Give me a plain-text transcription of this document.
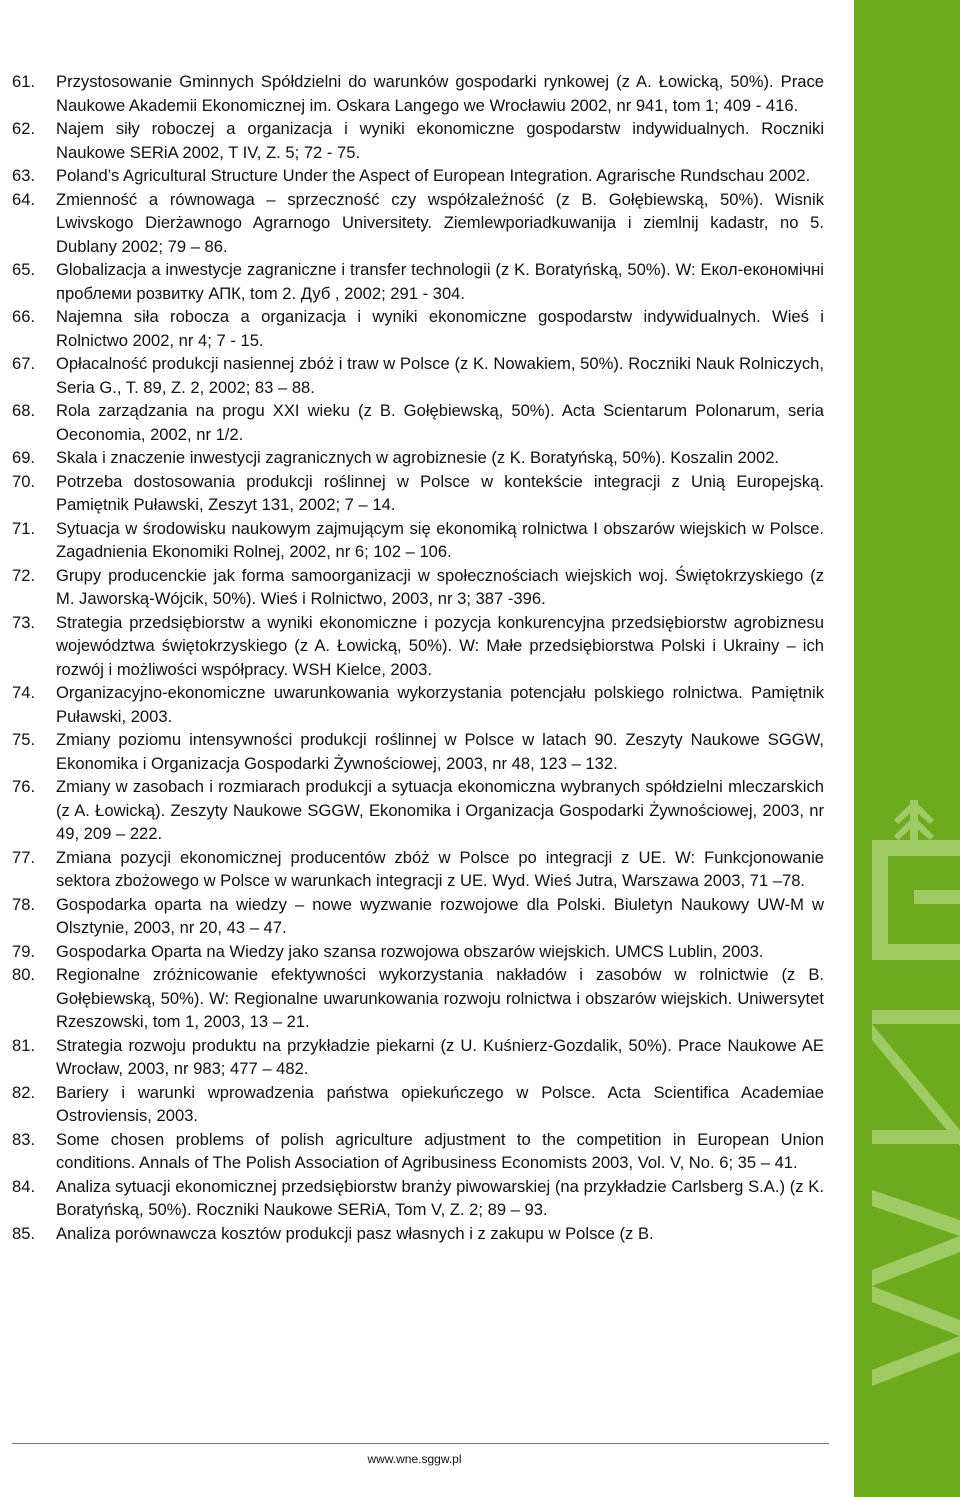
61. Przystosowanie Gminnych Spółdzielni do warunków gospodarki rynkowej (z A. Łowicką, 50%). Prace Naukowe Akademii Ekonomicznej im. Oskara Langego we Wrocławiu 2002, nr 941, tom 1; 409 - 416.

62. Najem siły roboczej a organizacja i wyniki ekonomiczne gospodarstw indywidualnych. Roczniki Naukowe SERiA 2002, T IV, Z. 5; 72 - 75.

63. Poland’s Agricultural Structure Under the Aspect of European Integration. Agrarische Rundschau 2002.

64. Zmienność a równowaga – sprzeczność czy współzależność (z B. Gołębiewską, 50%). Wisnik Lwivskogo Dierżawnogo Agrarnogo Universitety. Ziemlewporiadkuwanija i ziemlnij kadastr, no 5. Dublany 2002; 79 – 86.

65. Globalizacja a inwestycje zagraniczne i transfer technologii (z K. Boratyńską, 50%). W: Екол-економічні проблеми розвитку АПК, tom 2. Дуб , 2002; 291 - 304.

66. Najemna siła robocza a organizacja i wyniki ekonomiczne gospodarstw indywidualnych. Wieś i Rolnictwo 2002, nr 4; 7 - 15.

67. Opłacalność produkcji nasiennej zbóż i traw w Polsce (z K. Nowakiem, 50%). Roczniki Nauk Rolniczych, Seria G., T. 89, Z. 2, 2002; 83 – 88.

68. Rola zarządzania na progu XXI wieku (z B. Gołębiewską, 50%). Acta Scientarum Polonarum, seria Oeconomia, 2002, nr 1/2.

69. Skala i znaczenie inwestycji zagranicznych w agrobiznesie (z K. Boratyńską, 50%). Koszalin 2002.

70. Potrzeba dostosowania produkcji roślinnej w Polsce w kontekście integracji z Unią Europejską. Pamiętnik Puławski, Zeszyt 131, 2002; 7 – 14.

71. Sytuacja w środowisku naukowym zajmującym się ekonomiką rolnictwa I obszarów wiejskich w Polsce. Zagadnienia Ekonomiki Rolnej, 2002, nr 6; 102 – 106.

72. Grupy producenckie jak forma samoorganizacji w społecznościach wiejskich woj. Świętokrzyskiego (z M. Jaworską-Wójcik, 50%). Wieś i Rolnictwo, 2003, nr 3; 387 -396.

73. Strategia przedsiębiorstw a wyniki ekonomiczne i pozycja konkurencyjna przedsiębiorstw agrobiznesu województwa świętokrzyskiego (z A. Łowicką, 50%). W: Małe przedsiębiorstwa Polski i Ukrainy – ich rozwój i możliwości współpracy. WSH Kielce, 2003.

74. Organizacyjno-ekonomiczne uwarunkowania wykorzystania potencjału polskiego rolnictwa. Pamiętnik Puławski, 2003.

75. Zmiany poziomu intensywności produkcji roślinnej w Polsce w latach 90. Zeszyty Naukowe SGGW, Ekonomika i Organizacja Gospodarki Żywnościowej, 2003, nr 48, 123 – 132.

76. Zmiany w zasobach i rozmiarach produkcji a sytuacja ekonomiczna wybranych spółdzielni mleczarskich (z A. Łowicką). Zeszyty Naukowe SGGW, Ekonomika i Organizacja Gospodarki Żywnościowej, 2003, nr 49, 209 – 222.

77. Zmiana pozycji ekonomicznej producentów zbóż w Polsce po integracji z UE. W: Funkcjonowanie sektora zbożowego w Polsce w warunkach integracji z UE. Wyd. Wieś Jutra, Warszawa 2003, 71 –78.

78. Gospodarka oparta na wiedzy – nowe wyzwanie rozwojowe dla Polski. Biuletyn Naukowy UW-M w Olsztynie, 2003, nr 20, 43 – 47.

79. Gospodarka Oparta na Wiedzy jako szansa rozwojowa obszarów wiejskich. UMCS Lublin, 2003.

80. Regionalne zróżnicowanie efektywności wykorzystania nakładów i zasobów w rolnictwie (z B. Gołębiewską, 50%). W: Regionalne uwarunkowania rozwoju rolnictwa i obszarów wiejskich. Uniwersytet Rzeszowski, tom 1, 2003, 13 – 21.

81. Strategia rozwoju produktu na przykładzie piekarni (z U. Kuśnierz-Gozdalik, 50%). Prace Naukowe AE Wrocław, 2003, nr 983; 477 – 482.

82. Bariery i warunki wprowadzenia państwa opiekuńczego w Polsce. Acta Scientifica Academiae Ostroviensis, 2003.

83. Some chosen problems of polish agriculture adjustment to the competition in European Union conditions. Annals of The Polish Association of Agribusiness Economists 2003, Vol. V, No. 6; 35 – 41.

84. Analiza sytuacji ekonomicznej przedsiębiorstw branży piwowarskiej (na przykładzie Carlsberg S.A.) (z K. Boratyńską, 50%). Roczniki Naukowe SERiA, Tom V, Z. 2; 89 – 93.

85. Analiza porównawcza kosztów produkcji pasz własnych i z zakupu w Polsce (z B.

www.wne.sggw.pl
